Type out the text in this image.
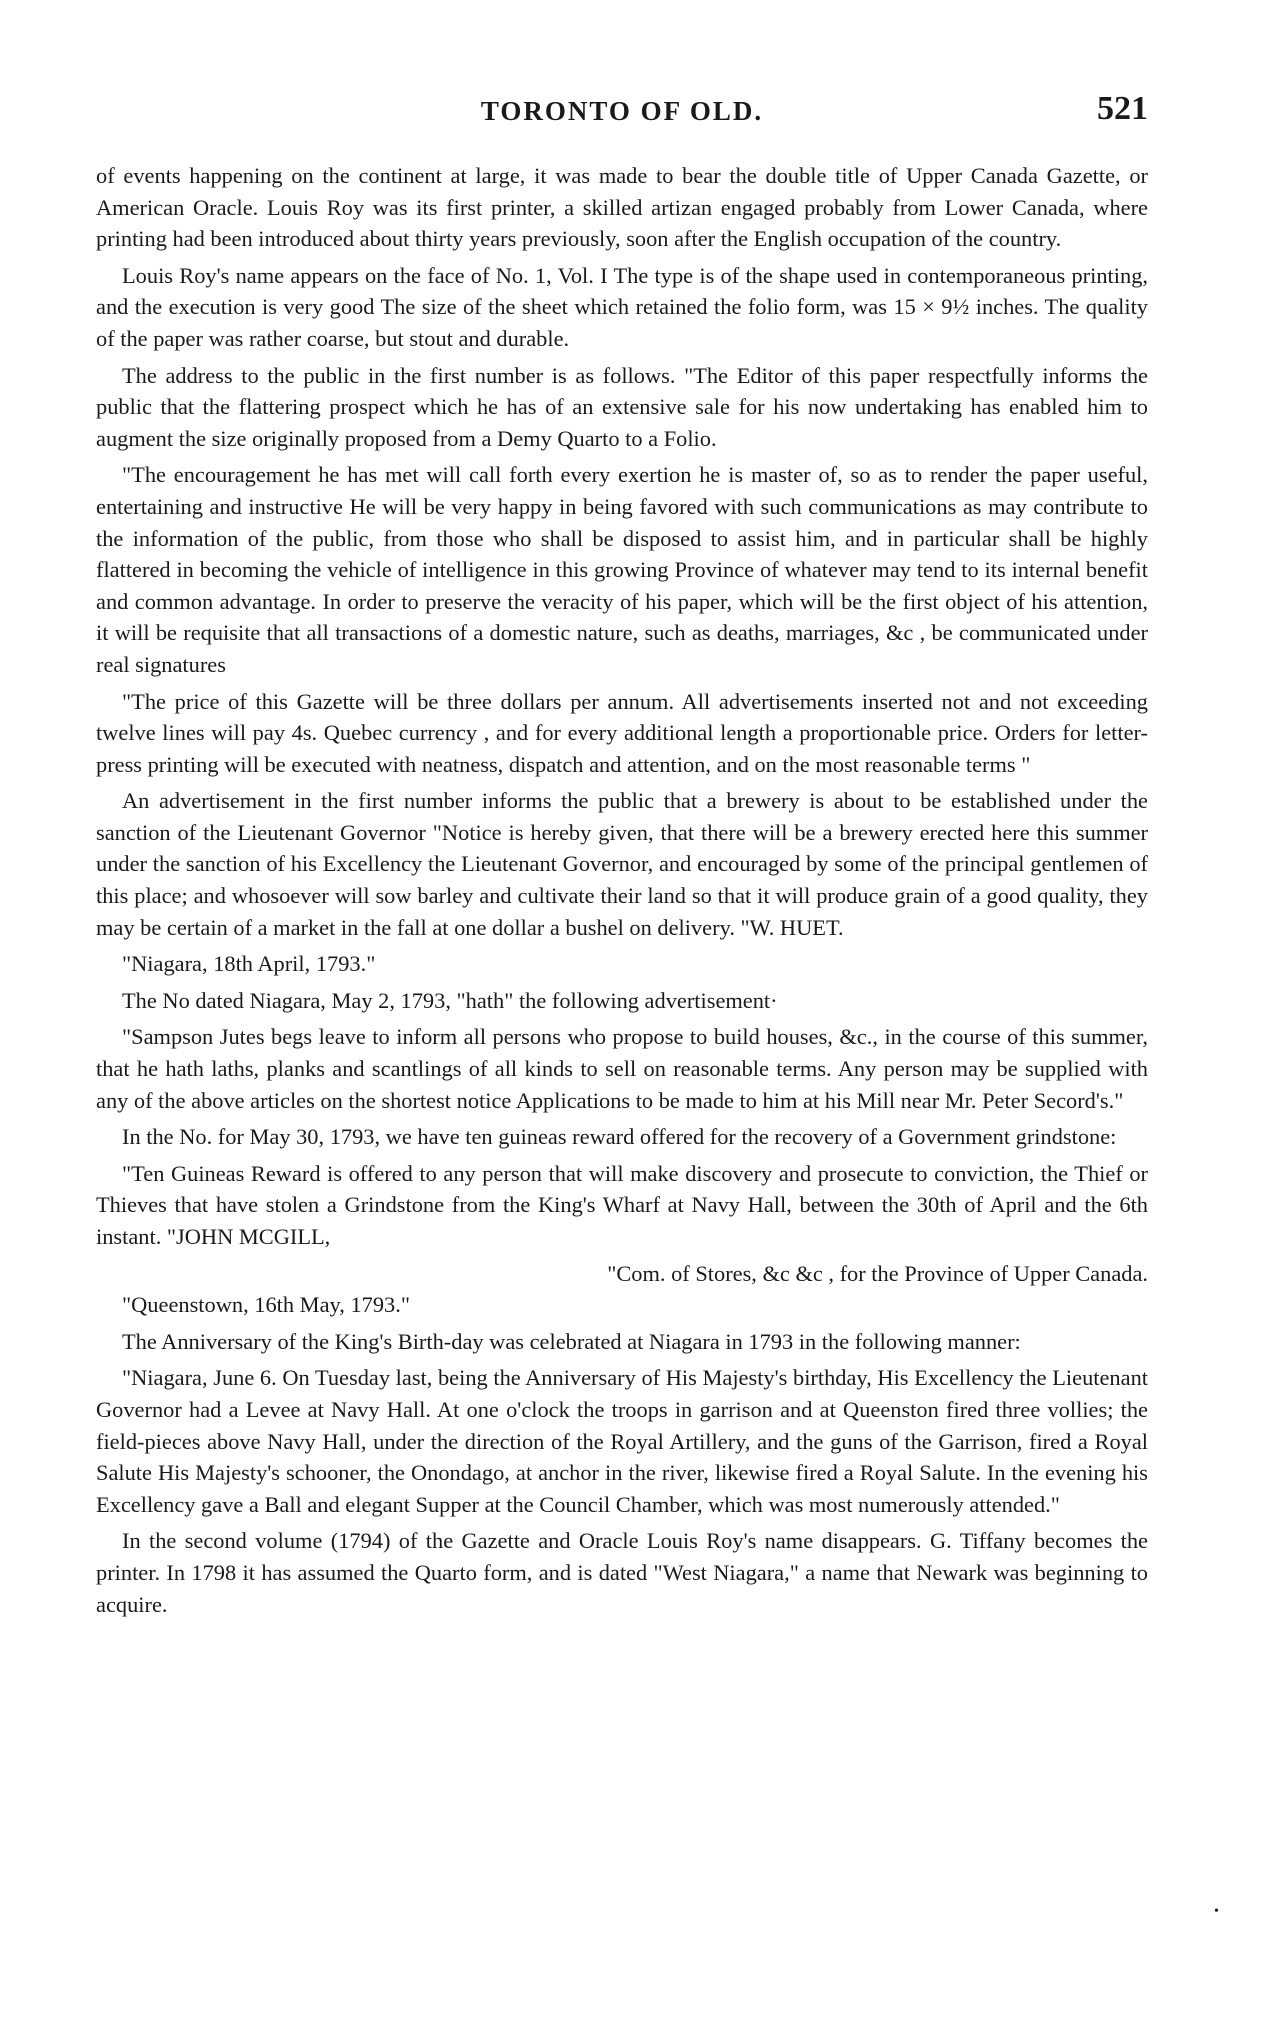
TORONTO OF OLD.	521

of events happening on the continent at large, it was made to bear the double title of Upper Canada Gazette, or American Oracle. Louis Roy was its first printer, a skilled artizan engaged probably from Lower Canada, where printing had been introduced about thirty years previously, soon after the English occupation of the country.

Louis Roy's name appears on the face of No. 1, Vol. I The type is of the shape used in contemporaneous printing, and the execution is very good The size of the sheet which retained the folio form, was 15 × 9½ inches. The quality of the paper was rather coarse, but stout and durable.

The address to the public in the first number is as follows. "The Editor of this paper respectfully informs the public that the flattering prospect which he has of an extensive sale for his now undertaking has enabled him to augment the size originally proposed from a Demy Quarto to a Folio.

"The encouragement he has met will call forth every exertion he is master of, so as to render the paper useful, entertaining and instructive He will be very happy in being favored with such communications as may contribute to the information of the public, from those who shall be disposed to assist him, and in particular shall be highly flattered in becoming the vehicle of intelligence in this growing Province of whatever may tend to its internal benefit and common advantage. In order to preserve the veracity of his paper, which will be the first object of his attention, it will be requisite that all transactions of a domestic nature, such as deaths, marriages, &c , be communicated under real signatures

"The price of this Gazette will be three dollars per annum. All advertisements inserted not and not exceeding twelve lines will pay 4s. Quebec currency , and for every additional length a proportionable price. Orders for letter-press printing will be executed with neatness, dispatch and attention, and on the most reasonable terms "

An advertisement in the first number informs the public that a brewery is about to be established under the sanction of the Lieutenant Governor "Notice is hereby given, that there will be a brewery erected here this summer under the sanction of his Excellency the Lieutenant Governor, and encouraged by some of the principal gentlemen of this place; and whosoever will sow barley and cultivate their land so that it will produce grain of a good quality, they may be certain of a market in the fall at one dollar a bushel on delivery. "W. HUET.

"Niagara, 18th April, 1793."

The No dated Niagara, May 2, 1793, "hath" the following advertisement·

"Sampson Jutes begs leave to inform all persons who propose to build houses, &c., in the course of this summer, that he hath laths, planks and scantlings of all kinds to sell on reasonable terms. Any person may be supplied with any of the above articles on the shortest notice Applications to be made to him at his Mill near Mr. Peter Secord's."

In the No. for May 30, 1793, we have ten guineas reward offered for the recovery of a Government grindstone:

"Ten Guineas Reward is offered to any person that will make discovery and prosecute to conviction, the Thief or Thieves that have stolen a Grindstone from the King's Wharf at Navy Hall, between the 30th of April and the 6th instant. "JOHN MCGILL,

"Com. of Stores, &c &c , for the Province of Upper Canada.

"Queenstown, 16th May, 1793."

The Anniversary of the King's Birth-day was celebrated at Niagara in 1793 in the following manner:

"Niagara, June 6. On Tuesday last, being the Anniversary of His Majesty's birthday, His Excellency the Lieutenant Governor had a Levee at Navy Hall. At one o'clock the troops in garrison and at Queenston fired three vollies; the field-pieces above Navy Hall, under the direction of the Royal Artillery, and the guns of the Garrison, fired a Royal Salute His Majesty's schooner, the Onondago, at anchor in the river, likewise fired a Royal Salute. In the evening his Excellency gave a Ball and elegant Supper at the Council Chamber, which was most numerously attended."

In the second volume (1794) of the Gazette and Oracle Louis Roy's name disappears. G. Tiffany becomes the printer. In 1798 it has assumed the Quarto form, and is dated "West Niagara," a name that Newark was beginning to acquire.

•
